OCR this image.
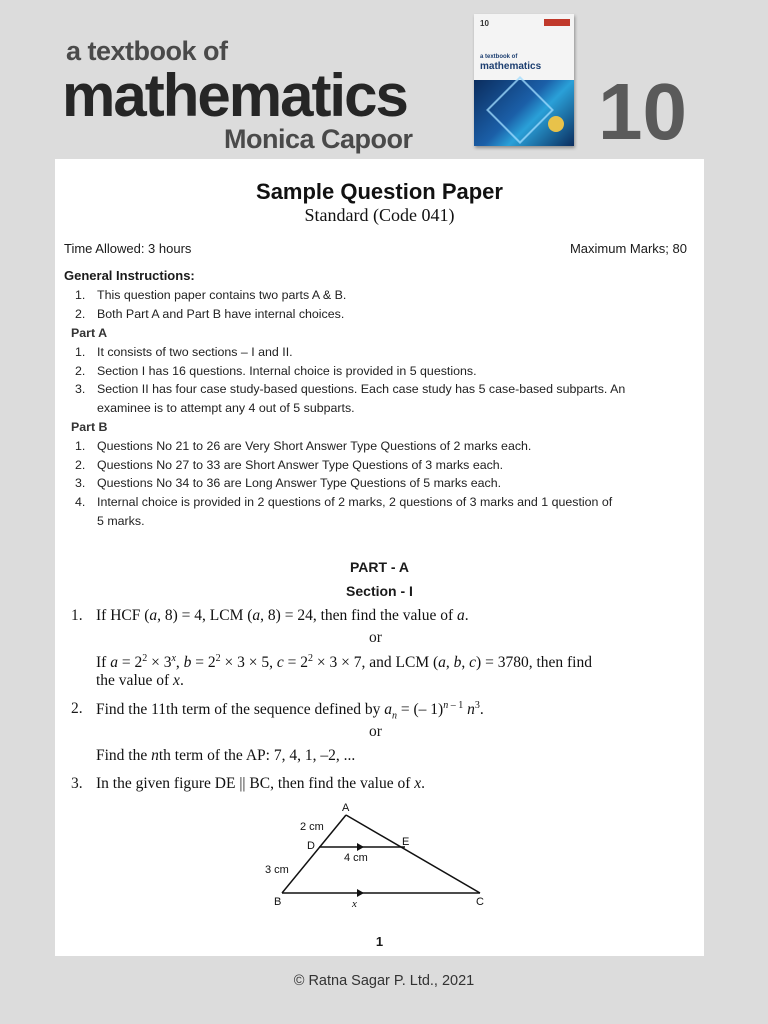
a textbook of
mathematics
Monica Capoor
10
a textbook of
mathematics
10
Sample Question Paper
Standard (Code 041)
Time Allowed: 3 hours	Maximum Marks; 80
General Instructions:
1. This question paper contains two parts A & B.
2. Both Part A and Part B have internal choices.
Part A
1. It consists of two sections – I and II.
2. Section I has 16 questions. Internal choice is provided in 5 questions.
3. Section II has four case study-based questions. Each case study has 5 case-based subparts. An
examinee is to attempt any 4 out of 5 subparts.
Part B
1. Questions No 21 to 26 are Very Short Answer Type Questions of 2 marks each.
2. Questions No 27 to 33 are Short Answer Type Questions of 3 marks each.
3. Questions No 34 to 36 are Long Answer Type Questions of 5 marks each.
4. Internal choice is provided in 2 questions of 2 marks, 2 questions of 3 marks and 1 question of
5 marks.
PART - A
Section - I
1. If HCF (a, 8) = 4, LCM (a, 8) = 24, then find the value of a.
or
If $a = 2^2 \times 3^x$, $b = 2^2 \times 3 \times 5$, $c = 2^2 \times 3 \times 7$, and LCM (a, b, c) = 3780, then find
the value of x.
2. Find the 11th term of the sequence defined by $a_n$ = (– 1)$^{n - 1}$ $n^3$.
or
Find the nth term of the AP: 7, 4, 1, –2, ...
3. In the given figure DE || BC, then find the value of x.
A
D	E
B	C
2 cm
4 cm
3 cm
x
1
© Ratna Sagar P. Ltd., 2021
